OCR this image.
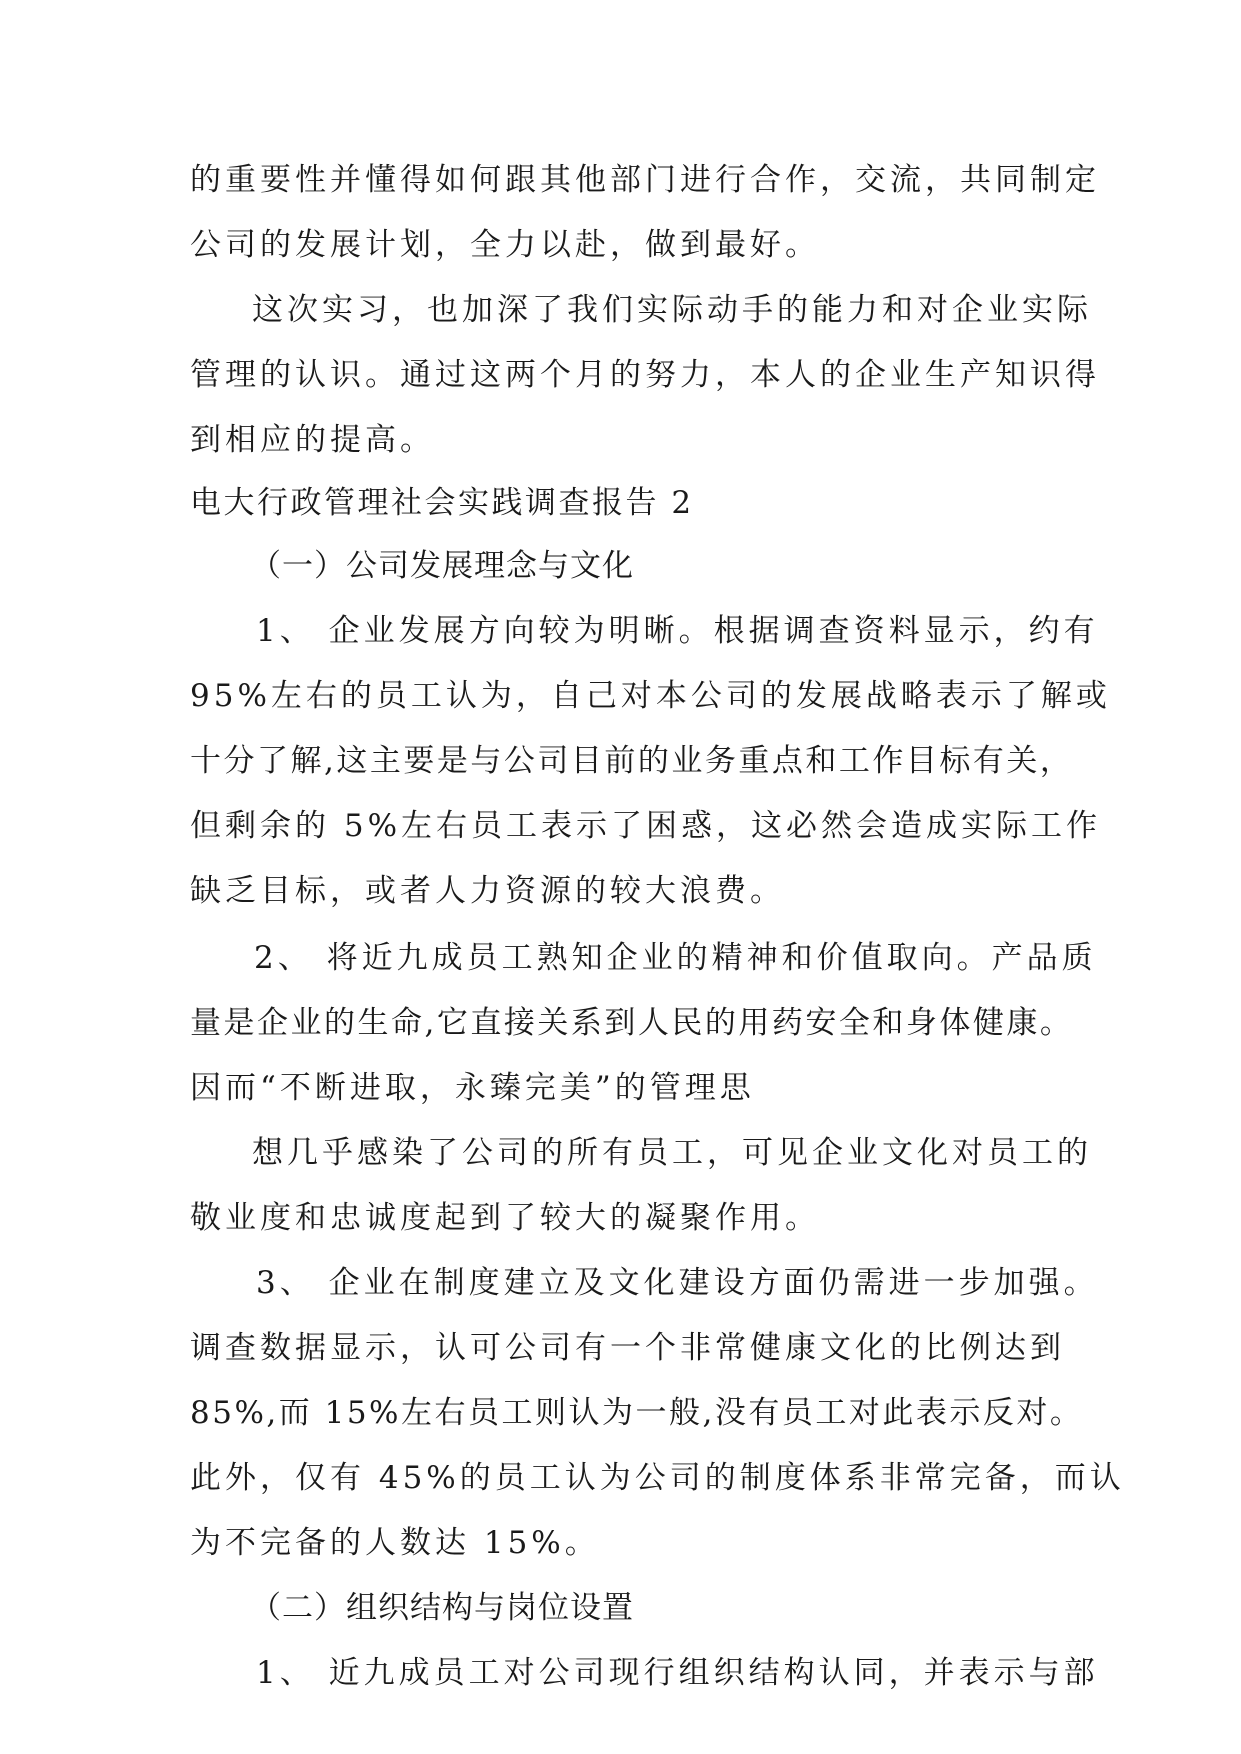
的重要性并懂得如何跟其他部门进行合作，交流，共同制定
公司的发展计划，全力以赴，做到最好。
这次实习，也加深了我们实际动手的能力和对企业实际
管理的认识。通过这两个月的努力，本人的企业生产知识得
到相应的提高。
电大行政管理社会实践调查报告 2
（一）公司发展理念与文化
1、 企业发展方向较为明晰。根据调查资料显示，约有
95%左右的员工认为，自己对本公司的发展战略表示了解或
十分了解,这主要是与公司目前的业务重点和工作目标有关，
但剩余的 5%左右员工表示了困惑，这必然会造成实际工作
缺乏目标，或者人力资源的较大浪费。
2、 将近九成员工熟知企业的精神和价值取向。产品质
量是企业的生命,它直接关系到人民的用药安全和身体健康。
因而“不断进取，永臻完美”的管理思
想几乎感染了公司的所有员工，可见企业文化对员工的
敬业度和忠诚度起到了较大的凝聚作用。
3、 企业在制度建立及文化建设方面仍需进一步加强。
调查数据显示，认可公司有一个非常健康文化的比例达到
85%,而 15%左右员工则认为一般,没有员工对此表示反对。
此外，仅有 45%的员工认为公司的制度体系非常完备，而认
为不完备的人数达 15%。
（二）组织结构与岗位设置
1、 近九成员工对公司现行组织结构认同，并表示与部
